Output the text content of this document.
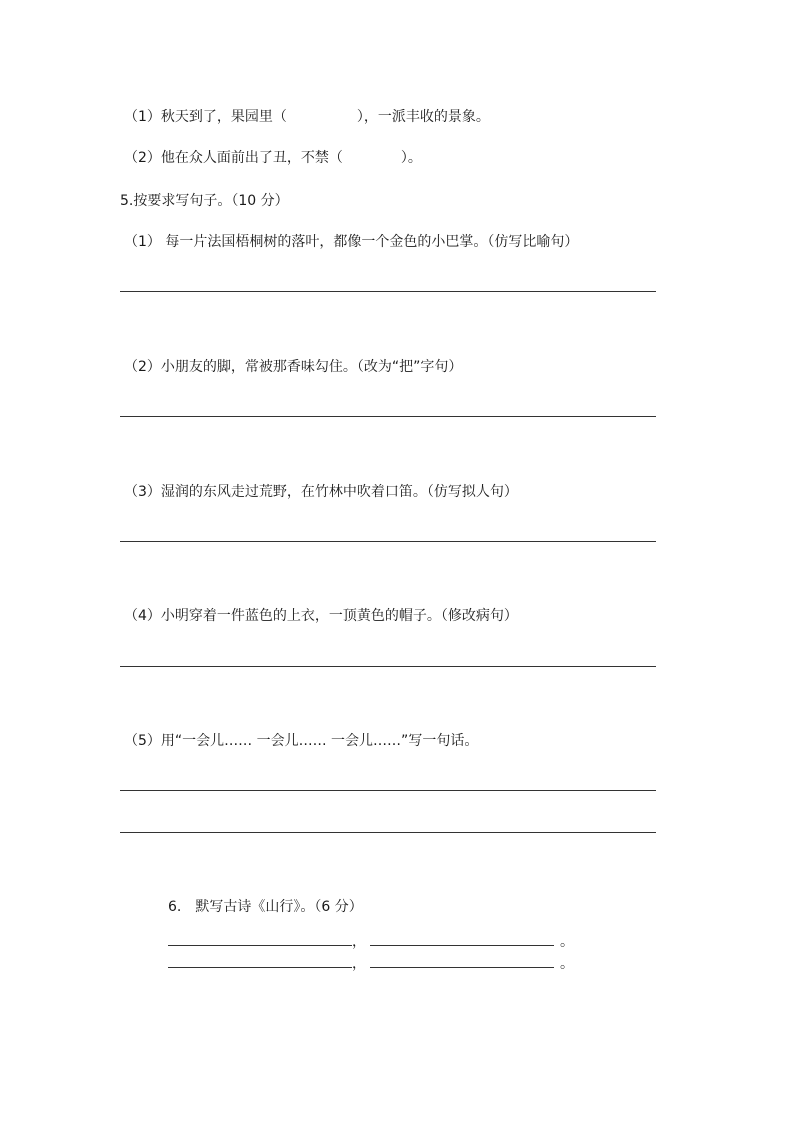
（1）秋天到了，果园里（	），一派丰收的景象。
（2）他在众人面前出了丑，不禁（	）。
5.按要求写句子。（10 分）
（1） 每一片法国梧桐树的落叶，都像一个金色的小巴掌。（仿写比喻句）
（2）小朋友的脚，常被那香味勾住。（改为“把”字句）
（3）湿润的东风走过荒野，在竹林中吹着口笛。（仿写拟人句）
（4）小明穿着一件蓝色的上衣，一顶黄色的帽子。（修改病句）
（5）用“一会儿…… 一会儿…… 一会儿……”写一句话。
6.　默写古诗《山行》。（6 分）
，	。
，	。
